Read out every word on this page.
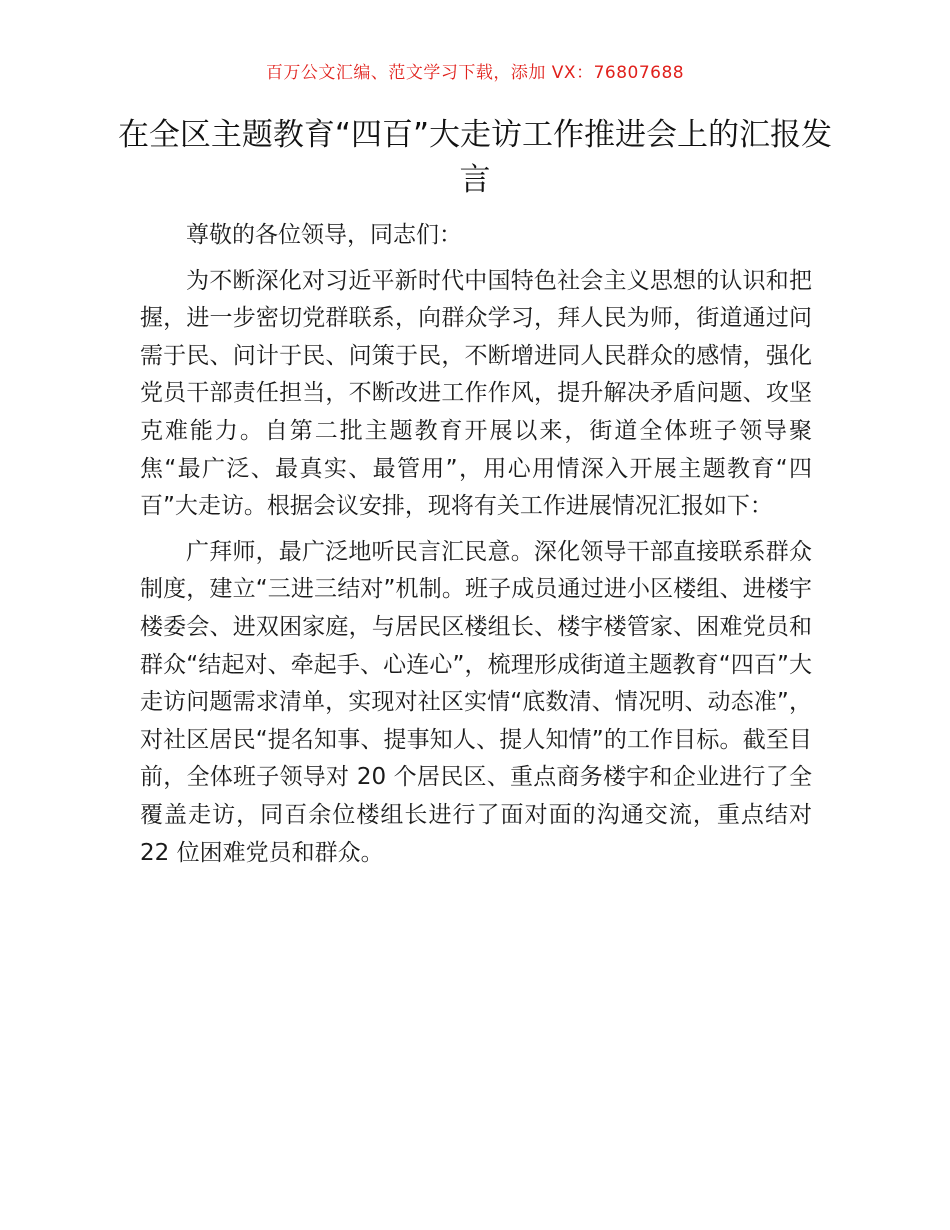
百万公文汇编、范文学习下载，添加 VX：76807688
在全区主题教育“四百”大走访工作推进会上的汇报发言

尊敬的各位领导，同志们：

为不断深化对习近平新时代中国特色社会主义思想的认识和把握，进一步密切党群联系，向群众学习，拜人民为师，街道通过问需于民、问计于民、问策于民，不断增进同人民群众的感情，强化党员干部责任担当，不断改进工作作风，提升解决矛盾问题、攻坚克难能力。自第二批主题教育开展以来，街道全体班子领导聚焦“最广泛、最真实、最管用”，用心用情深入开展主题教育“四百”大走访。根据会议安排，现将有关工作进展情况汇报如下：

广拜师，最广泛地听民言汇民意。深化领导干部直接联系群众制度，建立“三进三结对”机制。班子成员通过进小区楼组、进楼宇楼委会、进双困家庭，与居民区楼组长、楼宇楼管家、困难党员和群众“结起对、牵起手、心连心”，梳理形成街道主题教育“四百”大走访问题需求清单，实现对社区实情“底数清、情况明、动态准”，对社区居民“提名知事、提事知人、提人知情”的工作目标。截至目前，全体班子领导对 20 个居民区、重点商务楼宇和企业进行了全覆盖走访，同百余位楼组长进行了面对面的沟通交流，重点结对 22 位困难党员和群众。
